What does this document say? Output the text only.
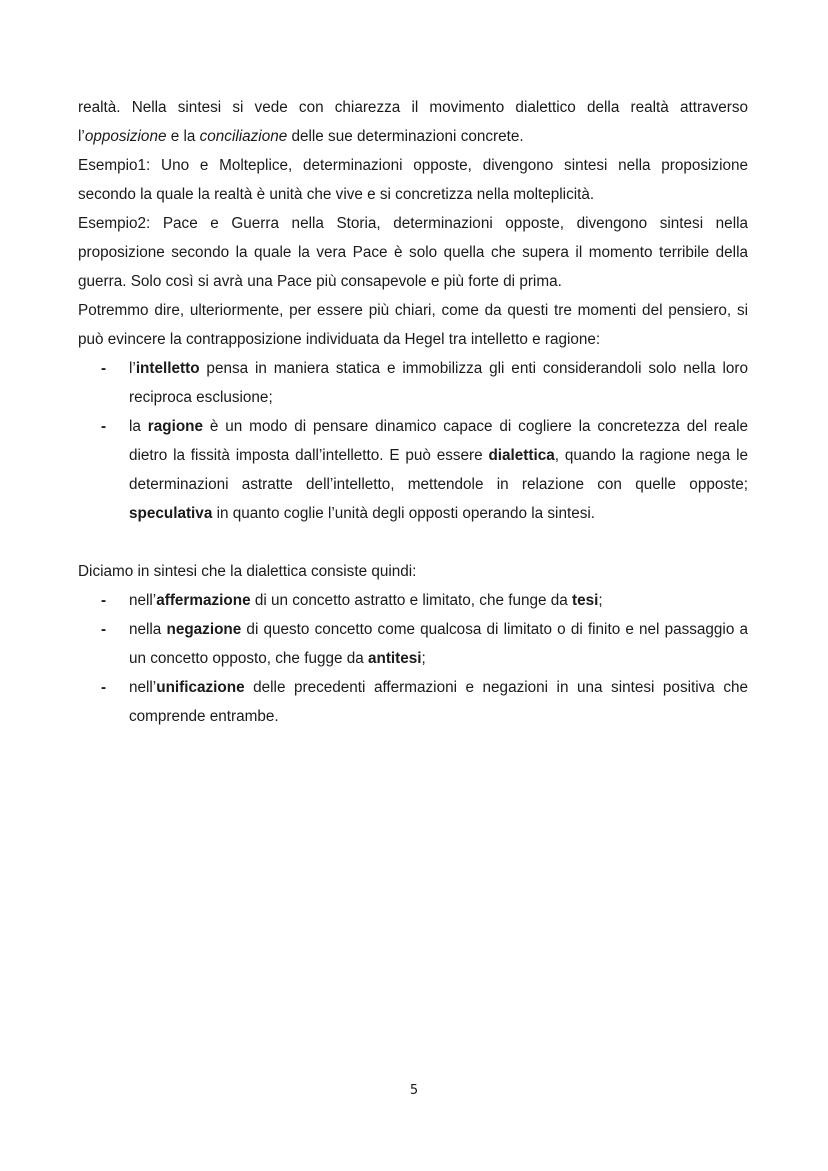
realtà. Nella sintesi si vede con chiarezza il movimento dialettico della realtà attraverso l’opposizione e la conciliazione delle sue determinazioni concrete.

Esempio1: Uno e Molteplice, determinazioni opposte, divengono sintesi nella proposizione secondo la quale la realtà è unità che vive e si concretizza nella molteplicità.

Esempio2: Pace e Guerra nella Storia, determinazioni opposte, divengono sintesi nella proposizione secondo la quale la vera Pace è solo quella che supera il momento terribile della guerra. Solo così si avrà una Pace più consapevole e più forte di prima.

Potremmo dire, ulteriormente, per essere più chiari, come da questi tre momenti del pensiero, si può evincere la contrapposizione individuata da Hegel tra intelletto e ragione:

- l’intelletto pensa in maniera statica e immobilizza gli enti considerandoli solo nella loro reciproca esclusione;
- la ragione è un modo di pensare dinamico capace di cogliere la concretezza del reale dietro la fissità imposta dall’intelletto. E può essere dialettica, quando la ragione nega le determinazioni astratte dell’intelletto, mettendole in relazione con quelle opposte; speculativa in quanto coglie l’unità degli opposti operando la sintesi.

Diciamo in sintesi che la dialettica consiste quindi:

- nell’affermazione di un concetto astratto e limitato, che funge da tesi;
- nella negazione di questo concetto come qualcosa di limitato o di finito e nel passaggio a un concetto opposto, che fugge da antitesi;
- nell’unificazione delle precedenti affermazioni e negazioni in una sintesi positiva che comprende entrambe.
5
